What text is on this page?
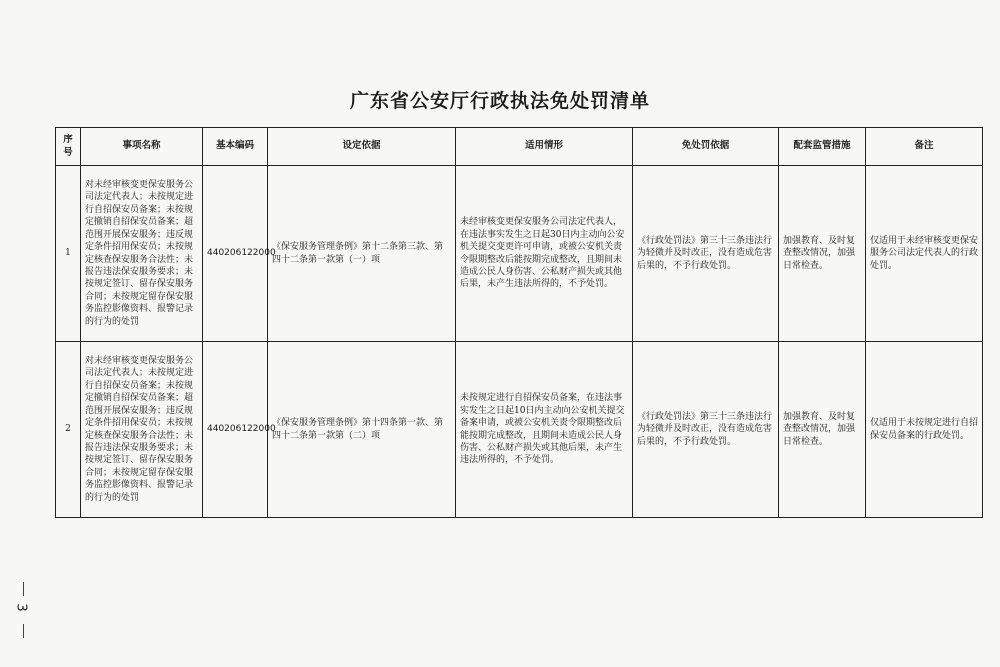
广东省公安厅行政执法免处罚清单
序号	事项名称	基本编码	设定依据	适用情形	免处罚依据	配套监管措施	备注
1	对未经审核变更保安服务公司法定代表人；未按规定进行自招保安员备案；未按规定撤销自招保安员备案；超范围开展保安服务；违反规定条件招用保安员；未按规定核查保安服务合法性；未报告违法保安服务要求；未按规定签订、留存保安服务合同；未按规定留存保安服务监控影像资料、报警记录的行为的处罚	440206122000	《保安服务管理条例》第十二条第三款、第四十二条第一款第（一）项	未经审核变更保安服务公司法定代表人，在违法事实发生之日起30日内主动向公安机关提交变更许可申请，或被公安机关责令限期整改后能按期完成整改，且期间未造成公民人身伤害、公私财产损失或其他后果，未产生违法所得的，不予处罚。	《行政处罚法》第三十三条违法行为轻微并及时改正，没有造成危害后果的，不予行政处罚。	加强教育、及时复查整改情况，加强日常检查。	仅适用于未经审核变更保安服务公司法定代表人的行政处罚。
2	对未经审核变更保安服务公司法定代表人；未按规定进行自招保安员备案；未按规定撤销自招保安员备案；超范围开展保安服务；违反规定条件招用保安员；未按规定核查保安服务合法性；未报告违法保安服务要求；未按规定签订、留存保安服务合同；未按规定留存保安服务监控影像资料、报警记录的行为的处罚	440206122000	《保安服务管理条例》第十四条第一款、第四十二条第一款第（二）项	未按规定进行自招保安员备案，在违法事实发生之日起10日内主动向公安机关提交备案申请，或被公安机关责令限期整改后能按期完成整改，且期间未造成公民人身伤害、公私财产损失或其他后果，未产生违法所得的，不予处罚。	《行政处罚法》第三十三条违法行为轻微并及时改正，没有造成危害后果的，不予行政处罚。	加强教育、及时复查整改情况，加强日常检查。	仅适用于未按规定进行自招保安员备案的行政处罚。
3
